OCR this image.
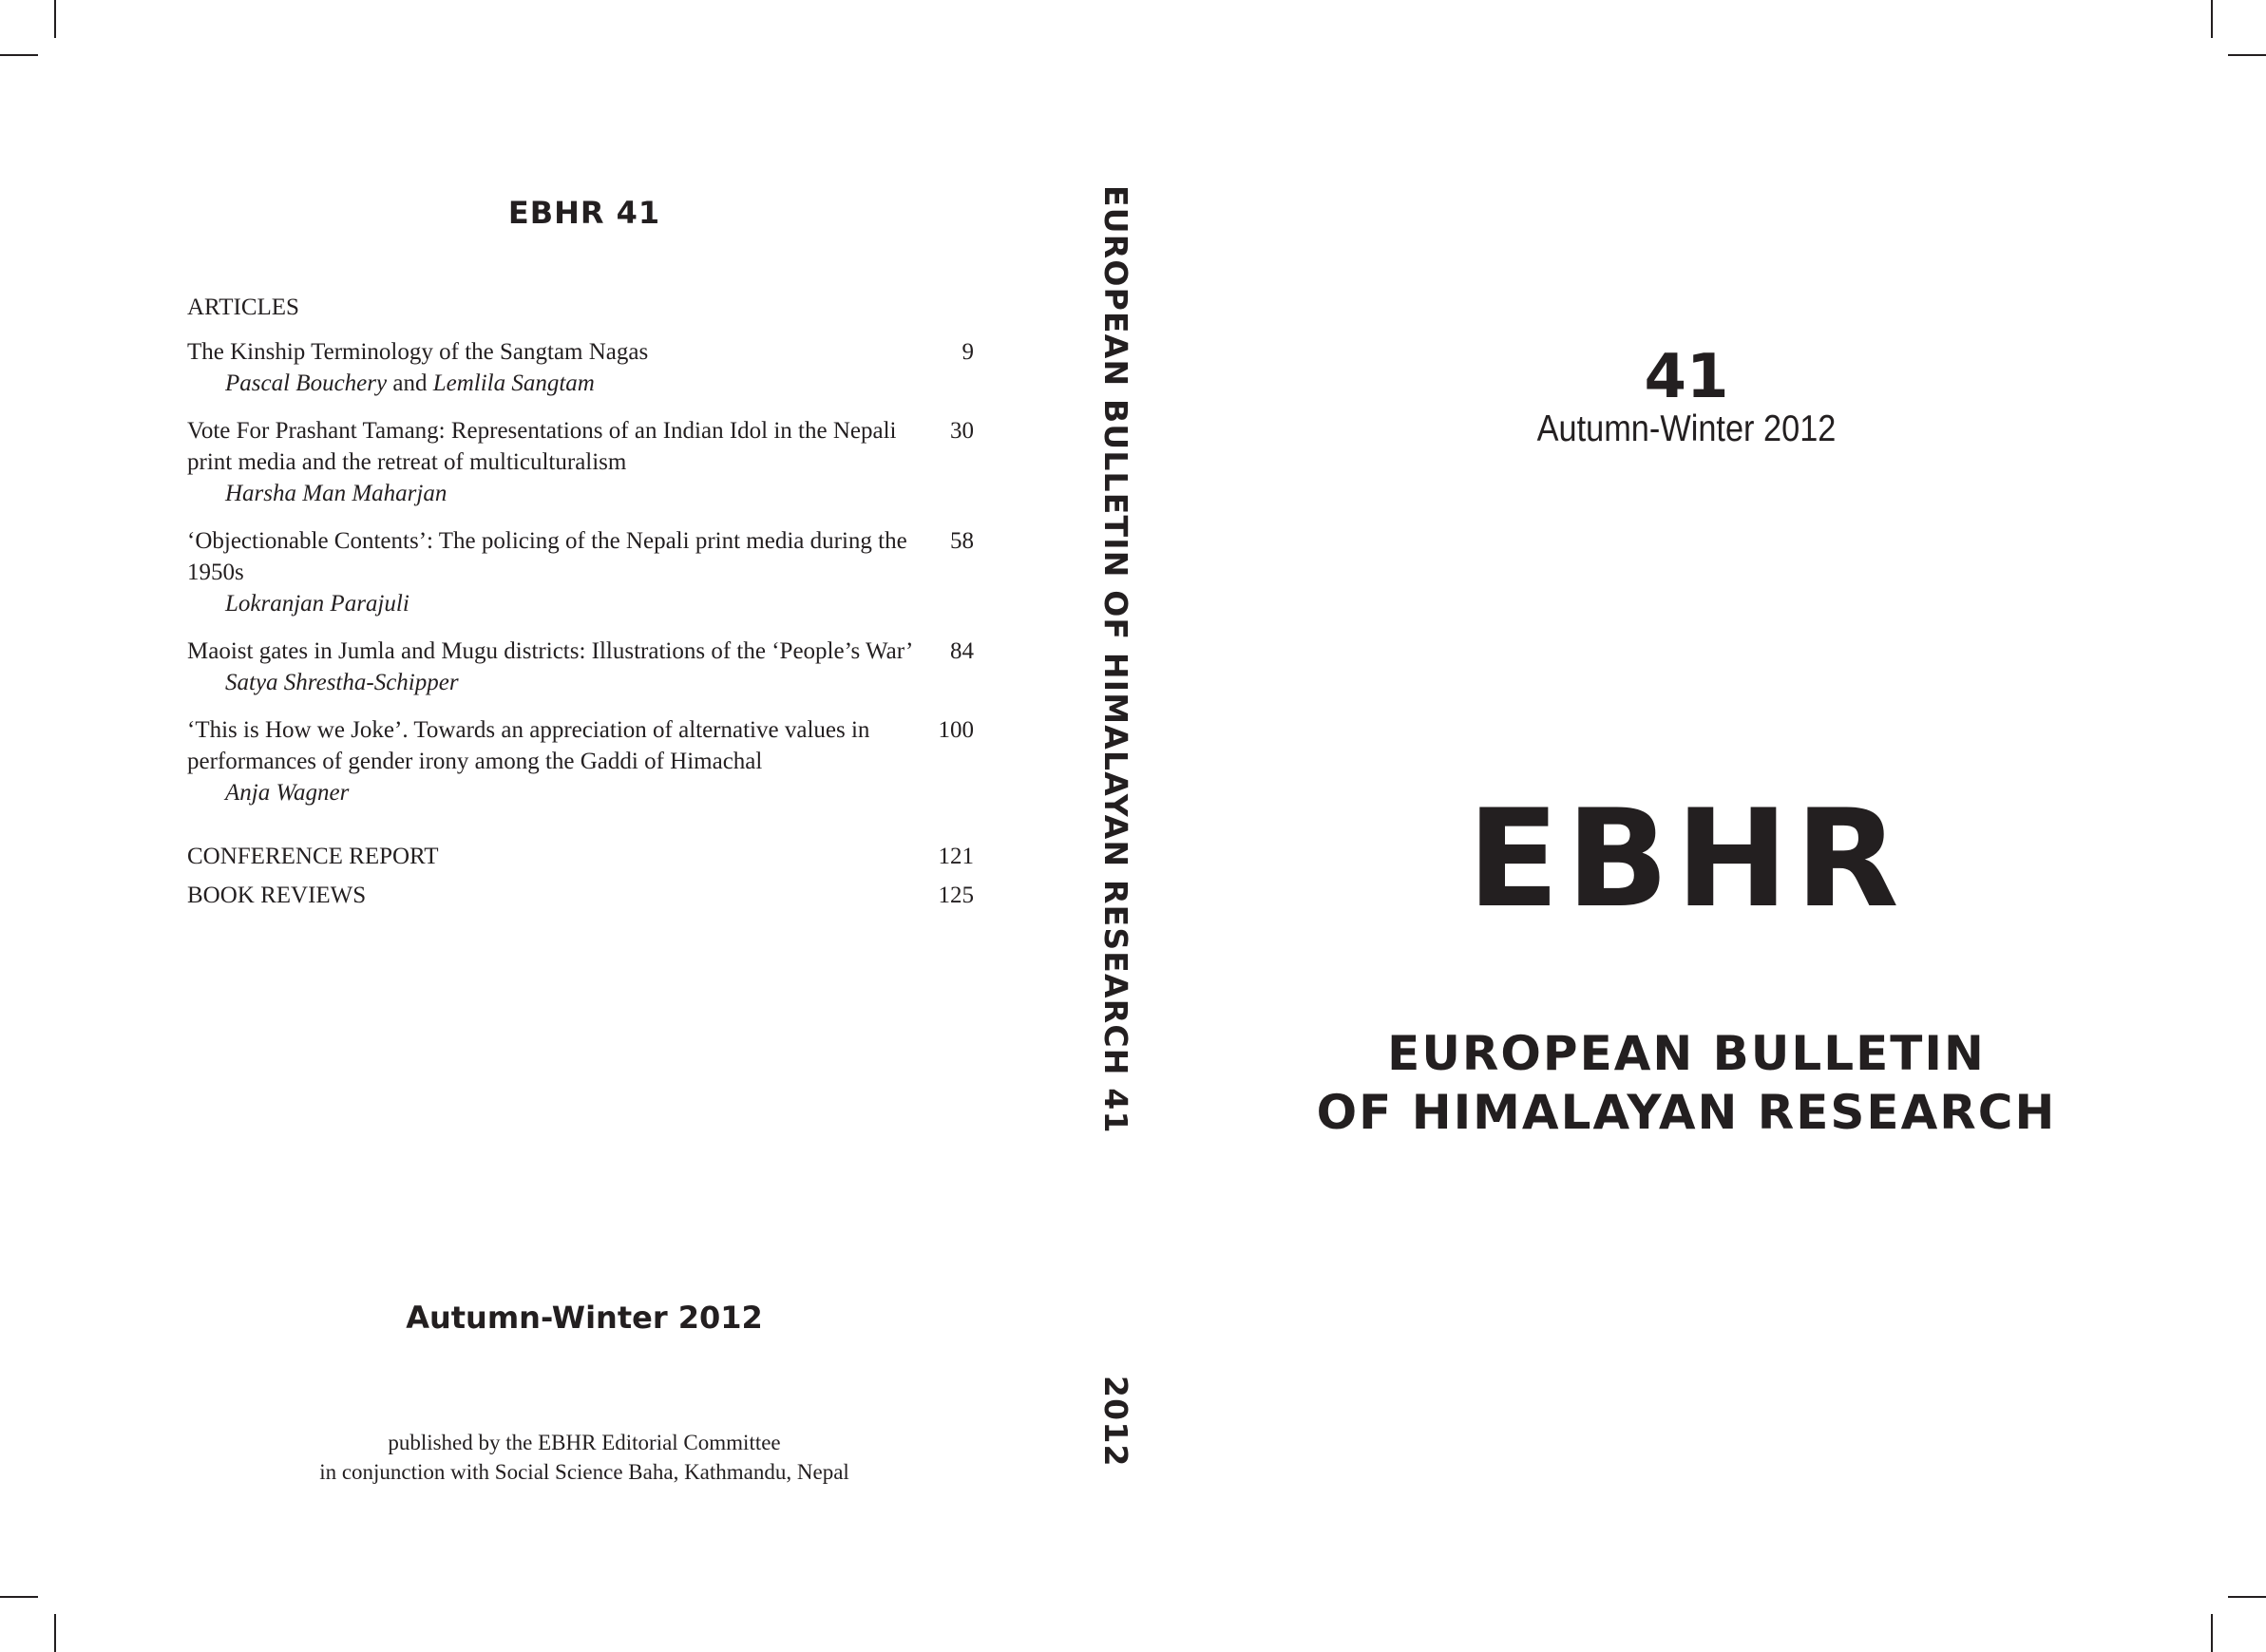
EBHR 41
ARTICLES
The Kinship Terminology of the Sangtam Nagas
Pascal Bouchery and Lemlila Sangtam
9
Vote For Prashant Tamang: Representations of an Indian Idol in the Nepali print media and the retreat of multiculturalism
Harsha Man Maharjan
30
‘Objectionable Contents’: The policing of the Nepali print media during the 1950s
Lokranjan Parajuli
58
Maoist gates in Jumla and Mugu districts: Illustrations of the ‘People’s War’
Satya Shrestha-Schipper
84
‘This is How we Joke’. Towards an appreciation of alternative values in performances of gender irony among the Gaddi of Himachal
Anja Wagner
100
CONFERENCE REPORT	121
BOOK REVIEWS	125
Autumn-Winter 2012
published by the EBHR Editorial Committee
in conjunction with Social Science Baha, Kathmandu, Nepal
EUROPEAN BULLETIN OF HIMALAYAN RESEARCH 41
2012
41
Autumn-Winter 2012
EBHR
EUROPEAN BULLETIN
OF HIMALAYAN RESEARCH
